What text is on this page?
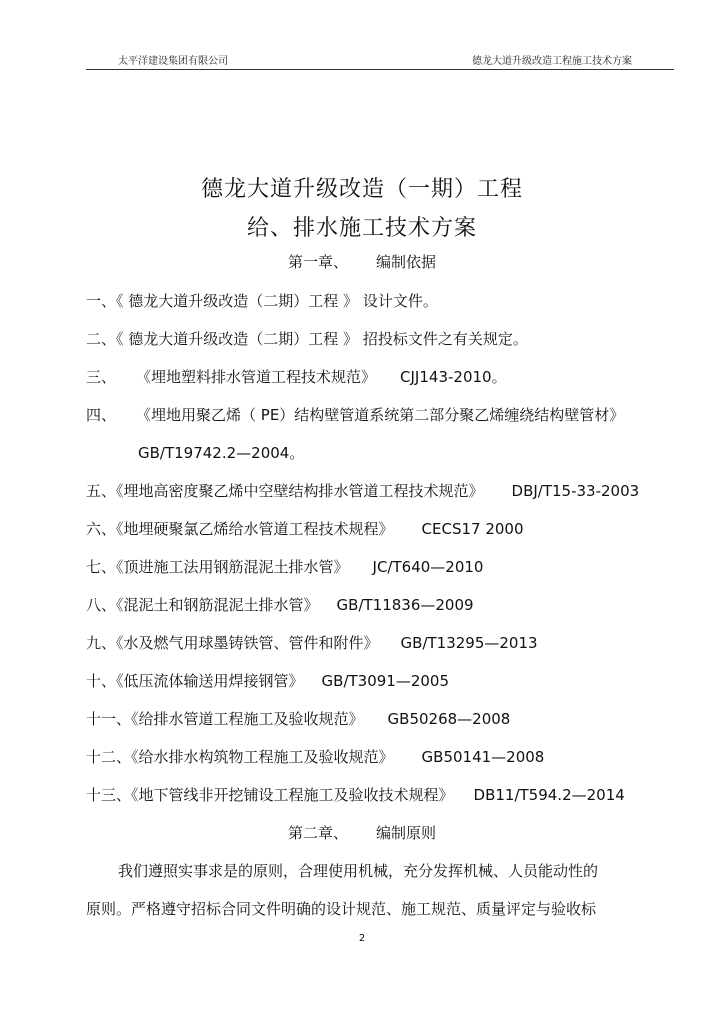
太平洋建设集团有限公司	德龙大道升级改造工程施工技术方案
德龙大道升级改造（一期）工程
给、排水施工技术方案
第一章、 编制依据
一、《 德龙大道升级改造（二期）工程 》 设计文件。
二、《 德龙大道升级改造（二期）工程 》 招投标文件之有关规定。
三、 《埋地塑料排水管道工程技术规范》 CJJ143-2010。
四、 《埋地用聚乙烯（ PE）结构壁管道系统第二部分聚乙烯缠绕结构壁管材》
GB/T19742.2—2004。
五、《埋地高密度聚乙烯中空壁结构排水管道工程技术规范》 DBJ/T15-33-2003
六、《地埋硬聚氯乙烯给水管道工程技术规程》 CECS17 2000
七、《顶进施工法用钢筋混泥土排水管》 JC/T640—2010
八、《混泥土和钢筋混泥土排水管》 GB/T11836—2009
九、《水及燃气用球墨铸铁管、管件和附件》 GB/T13295—2013
十、《低压流体输送用焊接钢管》 GB/T3091—2005
十一、《给排水管道工程施工及验收规范》 GB50268—2008
十二、《给水排水构筑物工程施工及验收规范》 GB50141—2008
十三、《地下管线非开挖铺设工程施工及验收技术规程》 DB11/T594.2—2014
第二章、 编制原则
我们遵照实事求是的原则，合理使用机械，充分发挥机械、人员能动性的
原则。严格遵守招标合同文件明确的设计规范、施工规范、质量评定与验收标
2
